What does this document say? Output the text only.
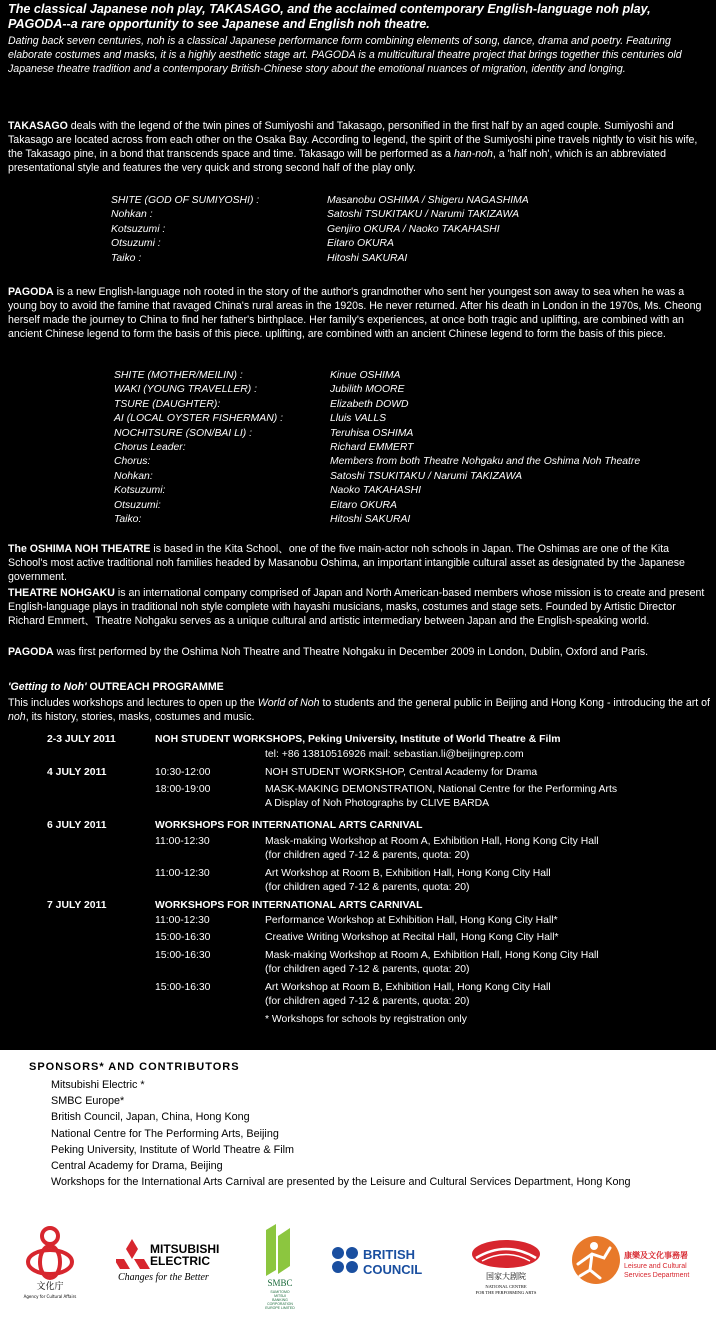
The classical Japanese noh play, TAKASAGO, and the acclaimed contemporary English-language noh play, PAGODA--a rare opportunity to see Japanese and English noh theatre.

Dating back seven centuries, noh is a classical Japanese performance form combining elements of song, dance, drama and poetry. Featuring elaborate costumes and masks, it is a highly aesthetic stage art. PAGODA is a multicultural theatre project that brings together this centuries old Japanese theatre tradition and a contemporary British-Chinese story about the emotional nuances of migration, identity and longing.

TAKASAGO deals with the legend of the twin pines of Sumiyoshi and Takasago, personified in the first half by an aged couple. Sumiyoshi and Takasago are located across from each other on the Osaka Bay. According to legend, the spirit of the Sumiyoshi pine travels nightly to visit his wife, the Takasago pine, in a bond that transcends space and time. Takasago will be performed as a han-noh, a 'half noh', which is an abbreviated presentational style and features the very quick and strong second half of the play only.

SHITE (GOD OF SUMIYOSHI) :	Masanobu OSHIMA / Shigeru NAGASHIMA
Nohkan :	Satoshi TSUKITAKU / Narumi TAKIZAWA
Kotsuzumi :	Genjiro OKURA / Naoko TAKAHASHI
Otsuzumi :	Eitaro OKURA
Taiko :	Hitoshi SAKURAI

PAGODA is a new English-language noh rooted in the story of the author's grandmother who sent her youngest son away to sea when he was a young boy to avoid the famine that ravaged China's rural areas in the 1920s. He never returned. After his death in London in the 1970s, Ms. Cheong herself made the journey to China to find her father's birthplace. Her family's experiences, at once both tragic and uplifting, are combined with an ancient Chinese legend to form the basis of this piece. uplifting, are combined with an ancient Chinese legend to form the basis of this piece.

SHITE (MOTHER/MEILIN) :	Kinue OSHIMA
WAKI (YOUNG TRAVELLER) :	Jubilith MOORE
TSURE (DAUGHTER):	Elizabeth DOWD
AI (LOCAL OYSTER FISHERMAN) :	Lluis VALLS
NOCHITSURE (SON/BAI LI) :	Teruhisa OSHIMA
Chorus Leader:	Richard EMMERT
Chorus:	Members from both Theatre Nohgaku and the Oshima Noh Theatre
Nohkan:	Satoshi TSUKITAKU / Narumi TAKIZAWA
Kotsuzumi:	Naoko TAKAHASHI
Otsuzumi:	Eitaro OKURA
Taiko:	Hitoshi SAKURAI

The OSHIMA NOH THEATRE is based in the Kita School、one of the five main-actor noh schools in Japan. The Oshimas are one of the Kita School's most active traditional noh families headed by Masanobu Oshima, an important intangible cultural asset as designated by the Japanese government.

THEATRE NOHGAKU is an international company comprised of Japan and North American-based members whose mission is to create and present English-language plays in traditional noh style complete with hayashi musicians, masks, costumes and stage sets. Founded by Artistic Director Richard Emmert、Theatre Nohgaku serves as a unique cultural and artistic intermediary between Japan and the English-speaking world.

PAGODA was first performed by the Oshima Noh Theatre and Theatre Nohgaku in December 2009 in London, Dublin, Oxford and Paris.

'Getting to Noh' OUTREACH PROGRAMME

This includes workshops and lectures to open up the World of Noh to students and the general public in Beijing and Hong Kong - introducing the art of noh, its history, stories, masks, costumes and music.

2-3 JULY 2011	NOH STUDENT WORKSHOPS, Peking University, Institute of World Theatre & Film
tel: +86 13810516926 mail: sebastian.li@beijingrep.com
4 JULY 2011	10:30-12:00	NOH STUDENT WORKSHOP, Central Academy for Drama
18:00-19:00	MASK-MAKING DEMONSTRATION, National Centre for the Performing Arts
A Display of Noh Photographs by CLIVE BARDA
6 JULY 2011	WORKSHOPS FOR INTERNATIONAL ARTS CARNIVAL
11:00-12:30	Mask-making Workshop at Room A, Exhibition Hall, Hong Kong City Hall
(for children aged 7-12 & parents, quota: 20)
11:00-12:30	Art Workshop at Room B, Exhibition Hall, Hong Kong City Hall
(for children aged 7-12 & parents, quota: 20)
7 JULY 2011	WORKSHOPS FOR INTERNATIONAL ARTS CARNIVAL
11:00-12:30	Performance Workshop at Exhibition Hall, Hong Kong City Hall*
15:00-16:30	Creative Writing Workshop at Recital Hall, Hong Kong City Hall*
15:00-16:30	Mask-making Workshop at Room A, Exhibition Hall, Hong Kong City Hall
(for children aged 7-12 & parents, quota: 20)
15:00-16:30	Art Workshop at Room B, Exhibition Hall, Hong Kong City Hall
(for children aged 7-12 & parents, quota: 20)
* Workshops for schools by registration only
SPONSORS* AND CONTRIBUTORS
Mitsubishi Electric *
SMBC Europe*
British Council, Japan, China, Hong Kong
National Centre for The Performing Arts, Beijing
Peking University, Institute of World Theatre & Film
Central Academy for Drama, Beijing
Workshops for the International Arts Carnival are presented by the Leisure and Cultural Services Department, Hong Kong
文化庁
Agency for Cultural Affairs
MITSUBISHI
ELECTRIC
Changes for the Better	SMBC
SUMITOMO
MITSUI
BANKING
CORPORATION
EUROPE LIMITED
BRITISH
COUNCIL	国家大剧院
NATIONAL CENTRE
FOR THE PERFORMING ARTS
康樂及文化事務署
Leisure and Cultural
Services Department
